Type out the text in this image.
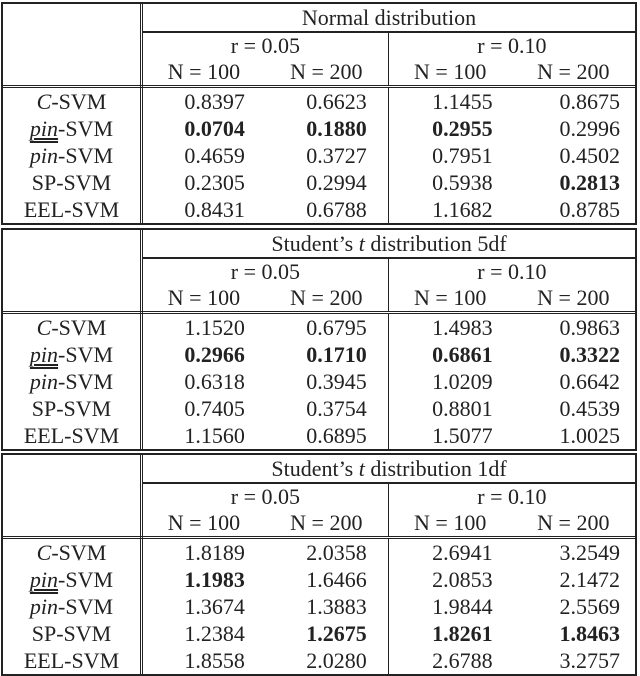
	Normal distribution			
	r = 0.05		r = 0.10	
	N = 100	N = 200	N = 100	N = 200
C-SVM	0.8397	0.6623	1.1455	0.8675
pin-SVM	0.0704	0.1880	0.2955	0.2996
$\overline{pin}$-SVM	0.4659	0.3727	0.7951	0.4502
SP-SVM	0.2305	0.2994	0.5938	0.2813
EEL-SVM	0.8431	0.6788	1.1682	0.8785
	Student’s t distribution 5df			
	r = 0.05		r = 0.10	
	N = 100	N = 200	N = 100	N = 200
C-SVM	1.1520	0.6795	1.4983	0.9863
pin-SVM	0.2966	0.1710	0.6861	0.3322
$\overline{pin}$-SVM	0.6318	0.3945	1.0209	0.6642
SP-SVM	0.7405	0.3754	0.8801	0.4539
EEL-SVM	1.1560	0.6895	1.5077	1.0025
	Student’s t distribution 1df			
	r = 0.05		r = 0.10	
	N = 100	N = 200	N = 100	N = 200
C-SVM	1.8189	2.0358	2.6941	3.2549
pin-SVM	1.1983	1.6466	2.0853	2.1472
$\overline{pin}$-SVM	1.3674	1.3883	1.9844	2.5569
SP-SVM	1.2384	1.2675	1.8261	1.8463
EEL-SVM	1.8558	2.0280	2.6788	3.2757
